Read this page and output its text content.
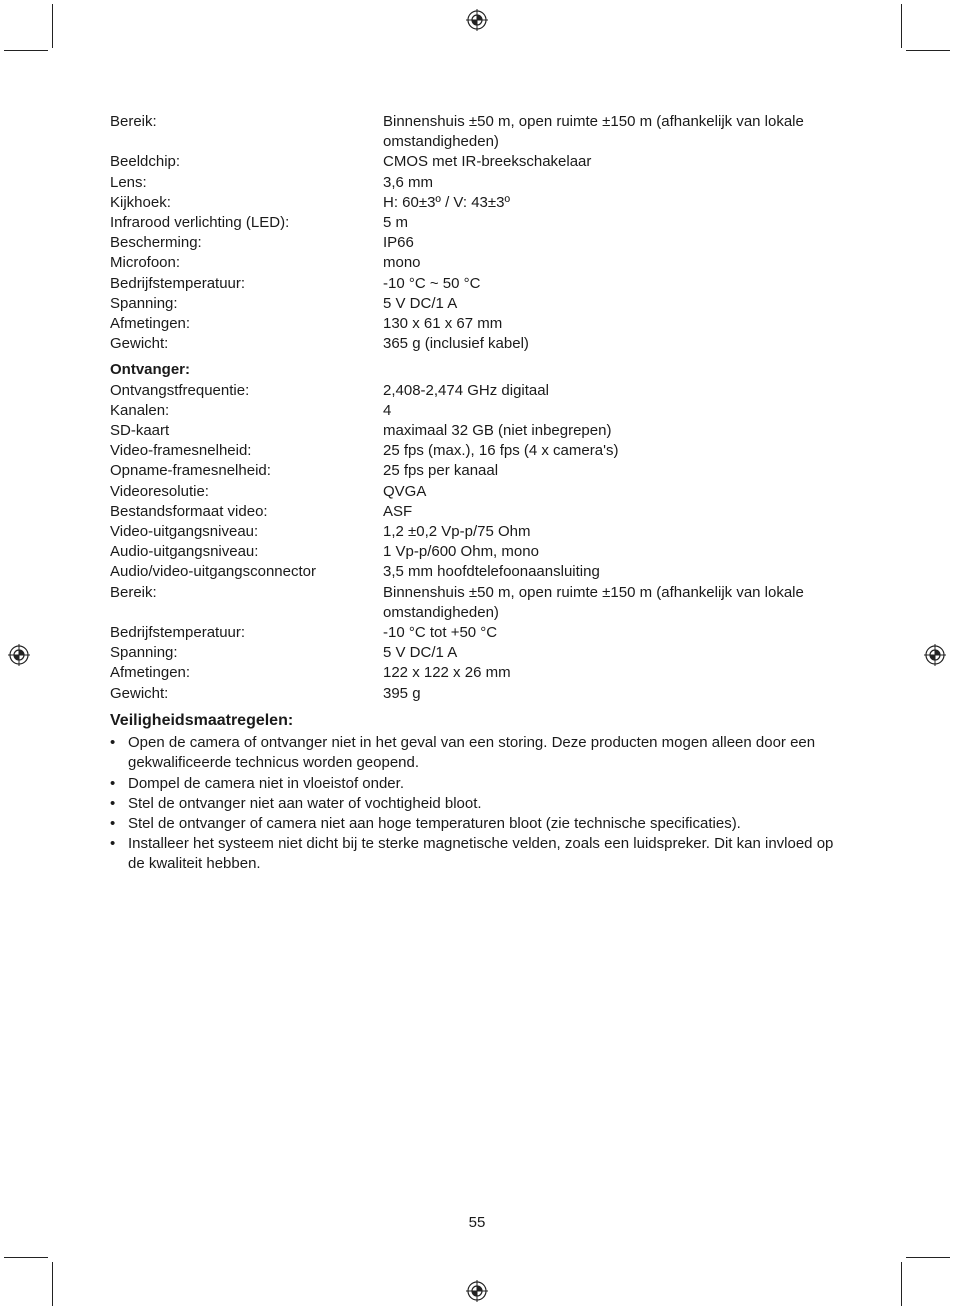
Bereik:	Binnenshuis ±50 m, open ruimte ±150 m (afhankelijk van lokale omstandigheden)
Beeldchip:	CMOS met IR-breekschakelaar
Lens:	3,6 mm
Kijkhoek:	H: 60±3º / V: 43±3º
Infrarood verlichting (LED):	5 m
Bescherming:	IP66
Microfoon:	mono
Bedrijfstemperatuur:	-10 °C ~ 50 °C
Spanning:	5 V DC/1 A
Afmetingen:	130 x 61 x 67 mm
Gewicht:	365 g (inclusief kabel)
Ontvanger:
Ontvangstfrequentie:	2,408-2,474 GHz digitaal
Kanalen:	4
SD-kaart	maximaal 32 GB (niet inbegrepen)
Video-framesnelheid:	25 fps (max.), 16 fps (4 x camera's)
Opname-framesnelheid:	25 fps per kanaal
Videoresolutie:	QVGA
Bestandsformaat video:	ASF
Video-uitgangsniveau:	1,2 ±0,2 Vp-p/75 Ohm
Audio-uitgangsniveau:	1 Vp-p/600 Ohm, mono
Audio/video-uitgangsconnector	3,5 mm hoofdtelefoonaansluiting
Bereik:	Binnenshuis ±50 m, open ruimte ±150 m (afhankelijk van lokale omstandigheden)
Bedrijfstemperatuur:	-10 °C tot +50 °C
Spanning:	5 V DC/1 A
Afmetingen:	122 x 122 x 26 mm
Gewicht:	395 g
Veiligheidsmaatregelen:
• Open de camera of ontvanger niet in het geval van een storing. Deze producten mogen alleen door een gekwalificeerde technicus worden geopend.
• Dompel de camera niet in vloeistof onder.
• Stel de ontvanger niet aan water of vochtigheid bloot.
• Stel de ontvanger of camera niet aan hoge temperaturen bloot (zie technische specificaties).
• Installeer het systeem niet dicht bij te sterke magnetische velden, zoals een luidspreker. Dit kan invloed op de kwaliteit hebben.
55
